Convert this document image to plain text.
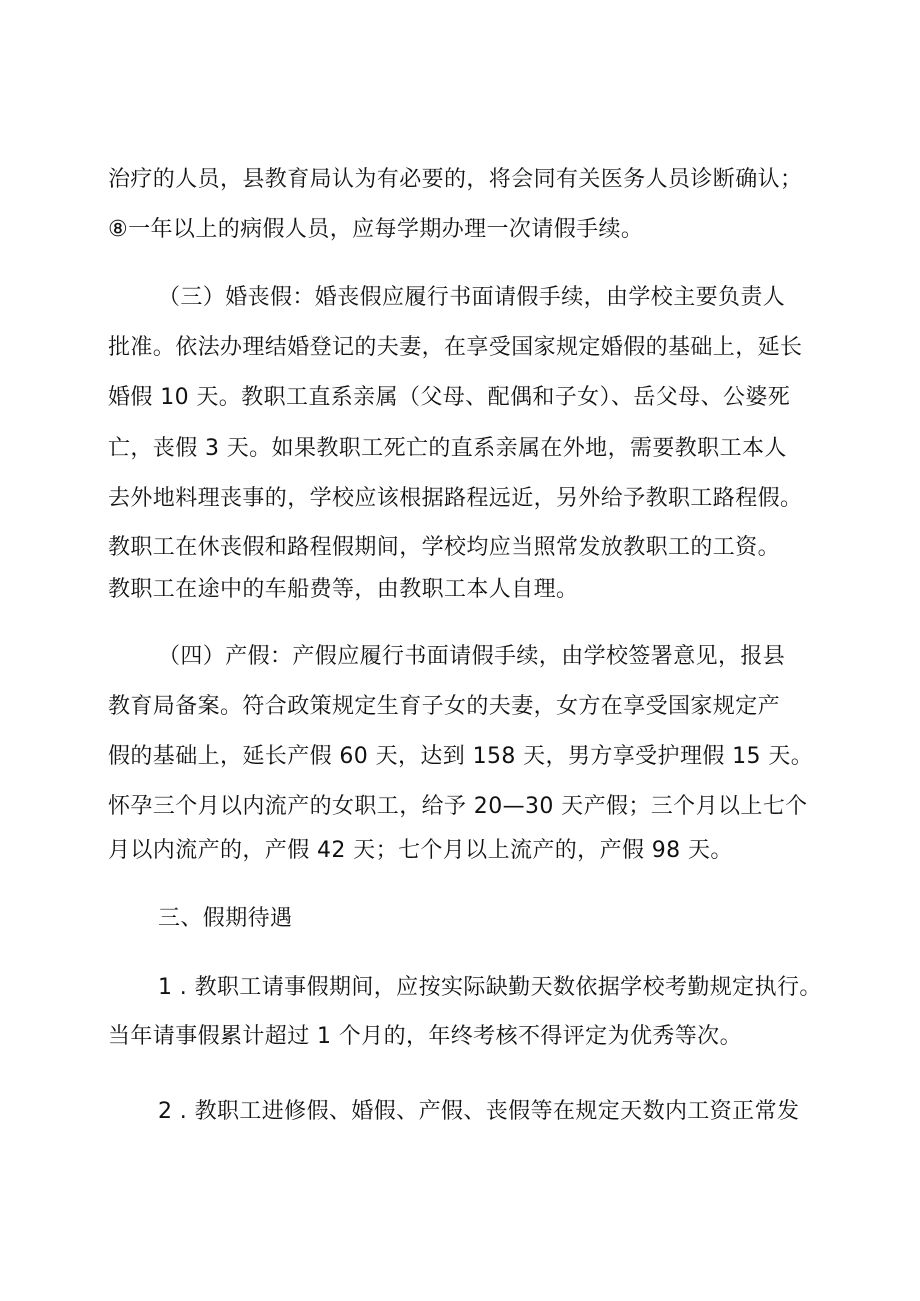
治疗的人员，县教育局认为有必要的，将会同有关医务人员诊断确认；
⑧一年以上的病假人员，应每学期办理一次请假手续。
（三）婚丧假：婚丧假应履行书面请假手续，由学校主要负责人
批准。依法办理结婚登记的夫妻，在享受国家规定婚假的基础上，延长
婚假 10 天。教职工直系亲属（父母、配偶和子女）、岳父母、公婆死
亡，丧假 3 天。如果教职工死亡的直系亲属在外地，需要教职工本人
去外地料理丧事的，学校应该根据路程远近，另外给予教职工路程假。
教职工在休丧假和路程假期间，学校均应当照常发放教职工的工资。
教职工在途中的车船费等，由教职工本人自理。
（四）产假：产假应履行书面请假手续，由学校签署意见，报县
教育局备案。符合政策规定生育子女的夫妻，女方在享受国家规定产
假的基础上，延长产假 60 天，达到 158 天，男方享受护理假 15 天。
怀孕三个月以内流产的女职工，给予 20—30 天产假；三个月以上七个
月以内流产的，产假 42 天；七个月以上流产的，产假 98 天。
三、假期待遇
1 . 教职工请事假期间，应按实际缺勤天数依据学校考勤规定执行。
当年请事假累计超过 1 个月的，年终考核不得评定为优秀等次。
2 . 教职工进修假、婚假、产假、丧假等在规定天数内工资正常发
